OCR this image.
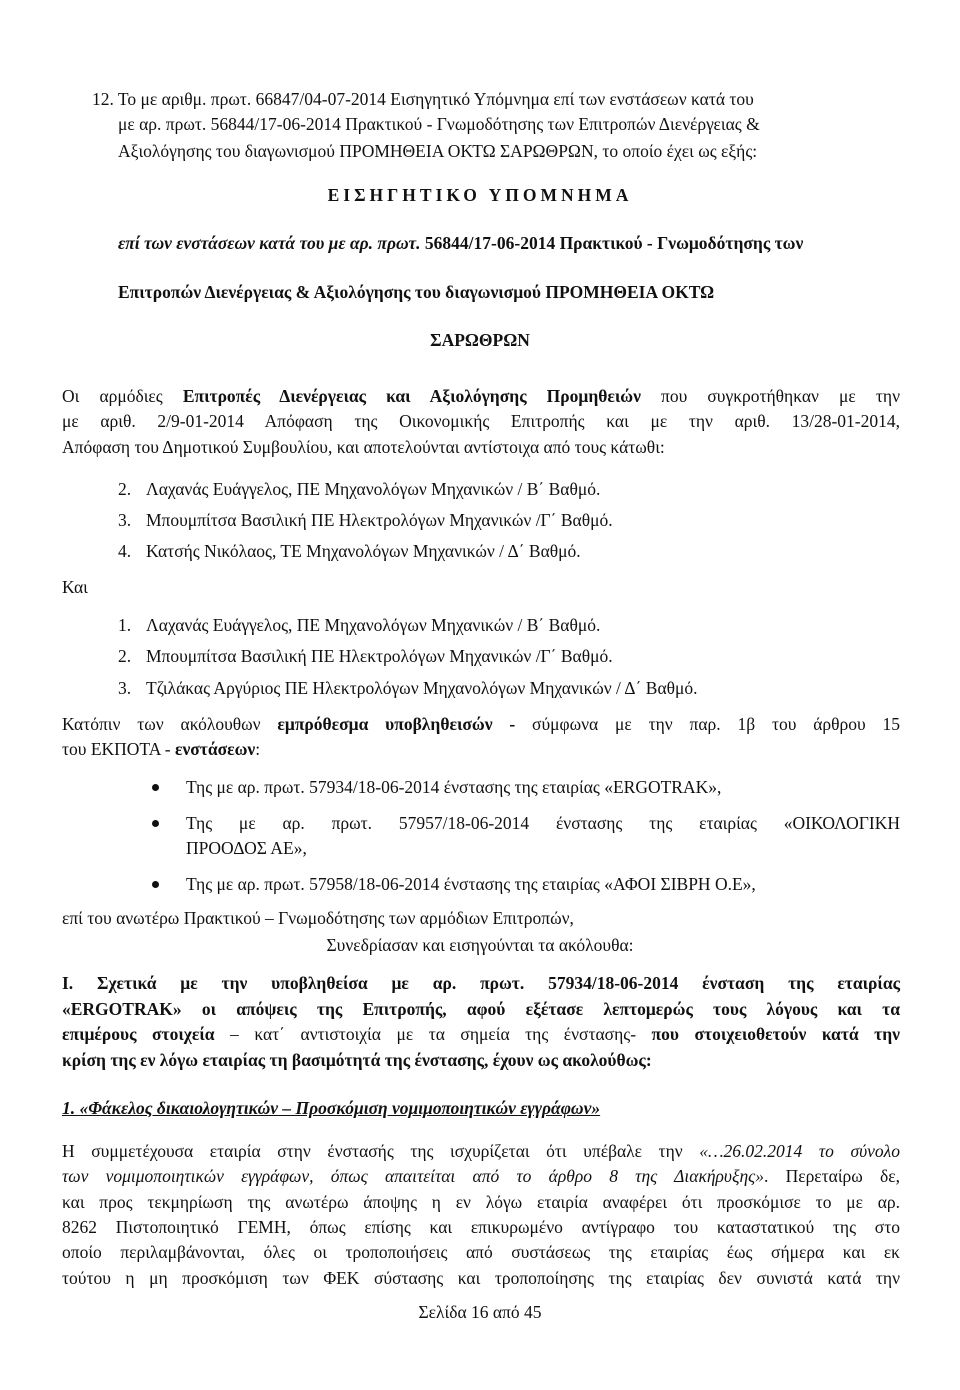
12. Το με αριθμ. πρωτ. 66847/04-07-2014 Εισηγητικό Υπόμνημα επί των ενστάσεων κατά του
με αρ. πρωτ. 56844/17-06-2014 Πρακτικού - Γνωμοδότησης των Επιτροπών Διενέργειας &
Αξιολόγησης του διαγωνισμού ΠΡΟΜΗΘΕΙΑ ΟΚΤΩ ΣΑΡΩΘΡΩΝ, το οποίο έχει ως εξής:
ΕΙΣΗΓΗΤΙΚΟ ΥΠΟΜΝΗΜΑ
επί των ενστάσεων κατά του με αρ. πρωτ. 56844/17-06-2014 Πρακτικού - Γνωμοδότησης των
Επιτροπών Διενέργειας & Αξιολόγησης του διαγωνισμού ΠΡΟΜΗΘΕΙΑ ΟΚΤΩ
ΣΑΡΩΘΡΩΝ
Οι αρμόδιες Επιτροπές Διενέργειας και Αξιολόγησης Προμηθειών που συγκροτήθηκαν με την
με αριθ. 2/9-01-2014 Απόφαση της Οικονομικής Επιτροπής και με την αριθ. 13/28-01-2014,
Απόφαση του Δημοτικού Συμβουλίου, και αποτελούνται αντίστοιχα από τους κάτωθι:
2. Λαχανάς Ευάγγελος, ΠΕ Μηχανολόγων Μηχανικών / Β΄ Βαθμό.
3. Μπουμπίτσα Βασιλική ΠΕ Ηλεκτρολόγων Μηχανικών /Γ΄ Βαθμό.
4. Κατσής Νικόλαος, ΤΕ Μηχανολόγων Μηχανικών / Δ΄ Βαθμό.
Και
1. Λαχανάς Ευάγγελος, ΠΕ Μηχανολόγων Μηχανικών / Β΄ Βαθμό.
2. Μπουμπίτσα Βασιλική ΠΕ Ηλεκτρολόγων Μηχανικών /Γ΄ Βαθμό.
3. Τζιλάκας Αργύριος ΠΕ Ηλεκτρολόγων Μηχανολόγων Μηχανικών / Δ΄ Βαθμό.
Κατόπιν των ακόλουθων εμπρόθεσμα υποβληθεισών - σύμφωνα με την παρ. 1β του άρθρου 15
του ΕΚΠΟΤΑ - ενστάσεων:
Της με αρ. πρωτ. 57934/18-06-2014 ένστασης της εταιρίας «ERGOTRAK»,
Της με αρ. πρωτ. 57957/18-06-2014 ένστασης της εταιρίας «ΟΙΚΟΛΟΓΙΚΗ
ΠΡΟΟΔΟΣ ΑΕ»,
Της με αρ. πρωτ. 57958/18-06-2014 ένστασης της εταιρίας «ΑΦΟΙ ΣΙΒΡΗ Ο.Ε»,
επί του ανωτέρω Πρακτικού – Γνωμοδότησης των αρμόδιων Επιτροπών,
Συνεδρίασαν και εισηγούνται τα ακόλουθα:
Ι. Σχετικά με την υποβληθείσα με αρ. πρωτ. 57934/18-06-2014 ένσταση της εταιρίας
«ERGOTRAK» οι απόψεις της Επιτροπής, αφού εξέτασε λεπτομερώς τους λόγους και τα
επιμέρους στοιχεία – κατ΄ αντιστοιχία με τα σημεία της ένστασης- που στοιχειοθετούν κατά την
κρίση της εν λόγω εταιρίας τη βασιμότητά της ένστασης, έχουν ως ακολούθως:
1. «Φάκελος δικαιολογητικών – Προσκόμιση νομιμοποιητικών εγγράφων»
Η συμμετέχουσα εταιρία στην ένστασής της ισχυρίζεται ότι υπέβαλε την «…26.02.2014 το σύνολο
των νομιμοποιητικών εγγράφων, όπως απαιτείται από το άρθρο 8 της Διακήρυξης». Περεταίρω δε,
και προς τεκμηρίωση της ανωτέρω άποψης η εν λόγω εταιρία αναφέρει ότι προσκόμισε το με αρ.
8262 Πιστοποιητικό ΓΕΜΗ, όπως επίσης και επικυρωμένο αντίγραφο του καταστατικού της στο
οποίο περιλαμβάνονται, όλες οι τροποποιήσεις από συστάσεως της εταιρίας έως σήμερα και εκ
τούτου η μη προσκόμιση των ΦΕΚ σύστασης και τροποποίησης της εταιρίας δεν συνιστά κατά την
Σελίδα 16 από 45
